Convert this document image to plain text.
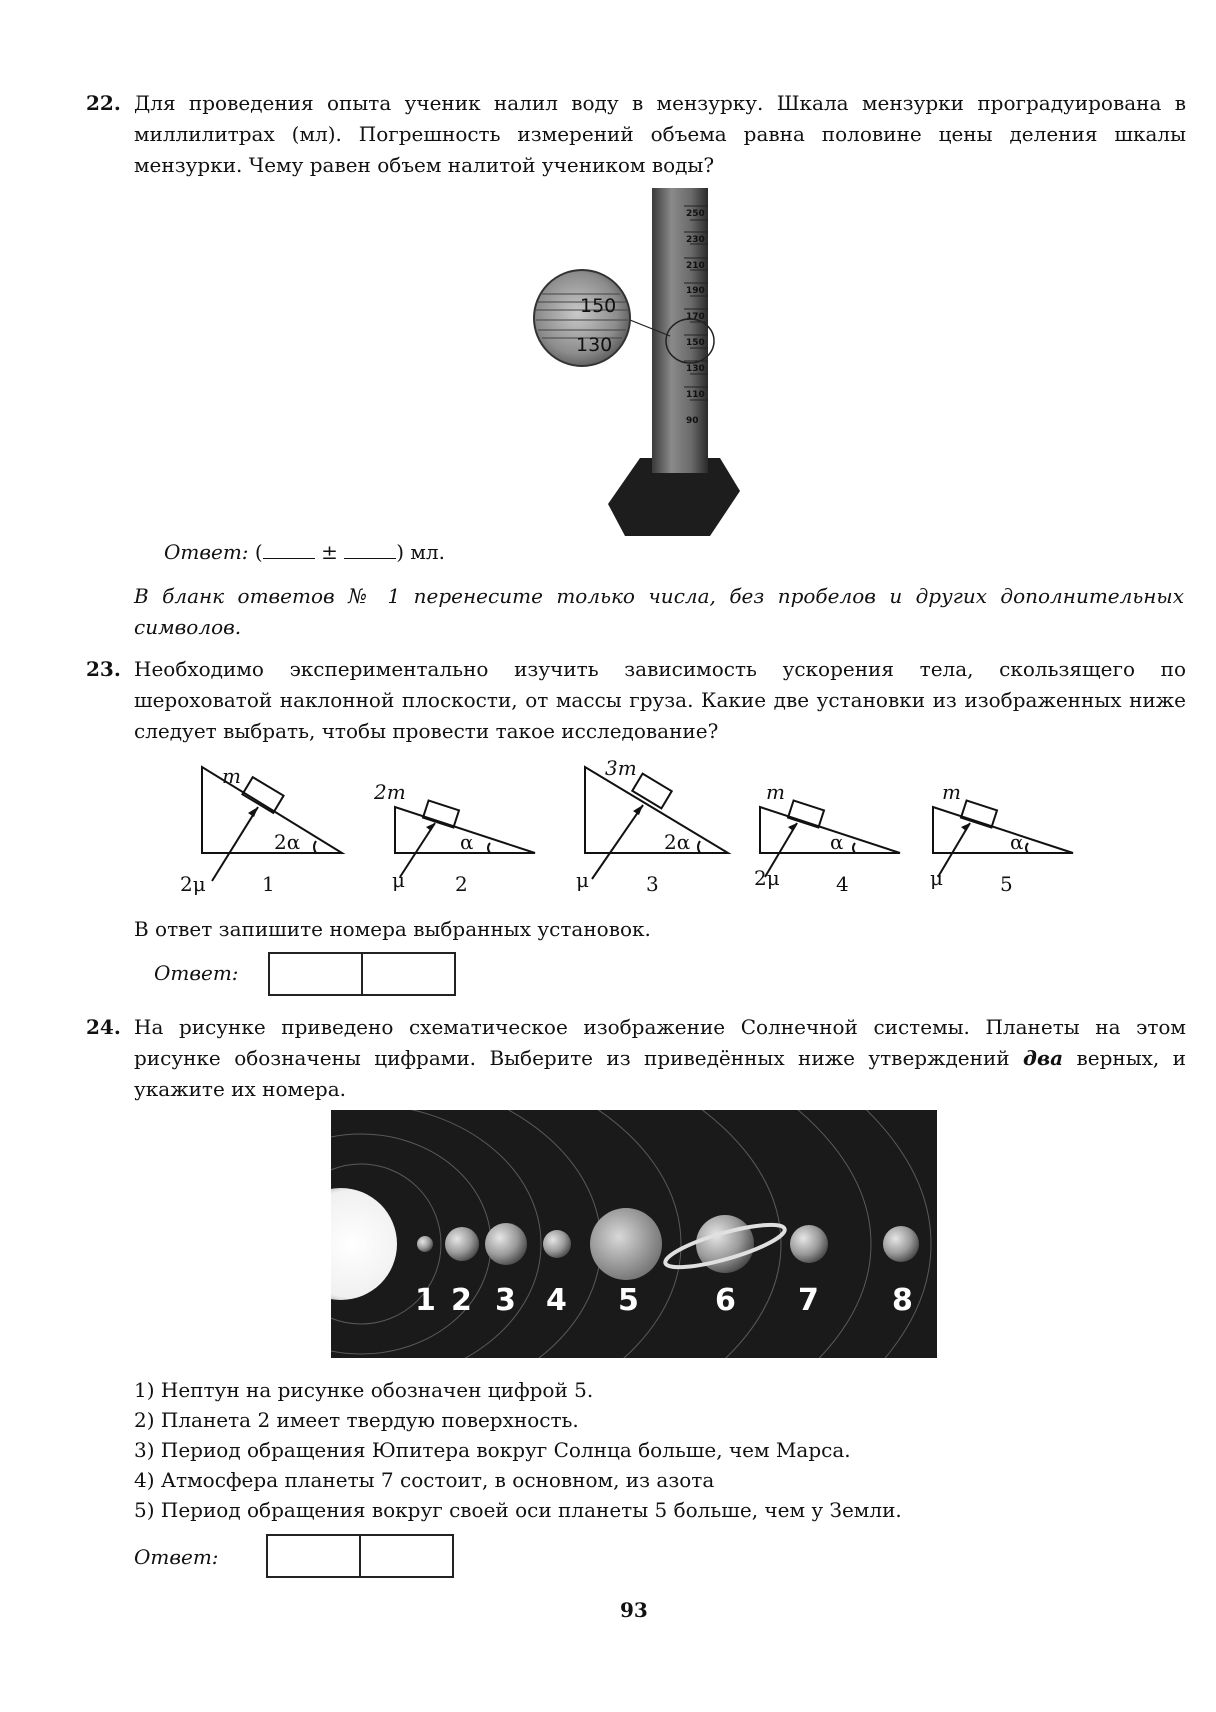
22. Для проведения опыта ученик налил воду в мензурку. Шкала мензурки проградуирована в миллилитрах (мл). Погрешность измерений объема равна половине цены деления шкалы мензурки. Чему равен объем налитой учеником воды?
250
230
210
190
170
150
130
110
90
150
130
Ответ: (	±	) мл.
В бланк ответов № 1 перенесите только числа, без пробелов и других дополнительных символов.
23. Необходимо экспериментально изучить зависимость ускорения тела, скользящего по шероховатой наклонной плоскости, от массы груза. Какие две установки из изображенных ниже следует выбрать, чтобы провести такое исследование?
m
2α
2μ	1
2m
α
μ	2
3m
2α
μ	3
m
α
2μ	4
m
α
μ	5
В ответ запишите номера выбранных установок.
Ответ:
24. На рисунке приведено схематическое изображение Солнечной системы. Планеты на этом рисунке обозначены цифрами. Выберите из приведённых ниже утверждений два верных, и укажите их номера.
1 2 3 4 5	6 7 8
1) Нептун на рисунке обозначен цифрой 5.
2) Планета 2 имеет твердую поверхность.
3) Период обращения Юпитера вокруг Солнца больше, чем Марса.
4) Атмосфера планеты 7 состоит, в основном, из азота
5) Период обращения вокруг своей оси планеты 5 больше, чем у Земли.
Ответ:
93
